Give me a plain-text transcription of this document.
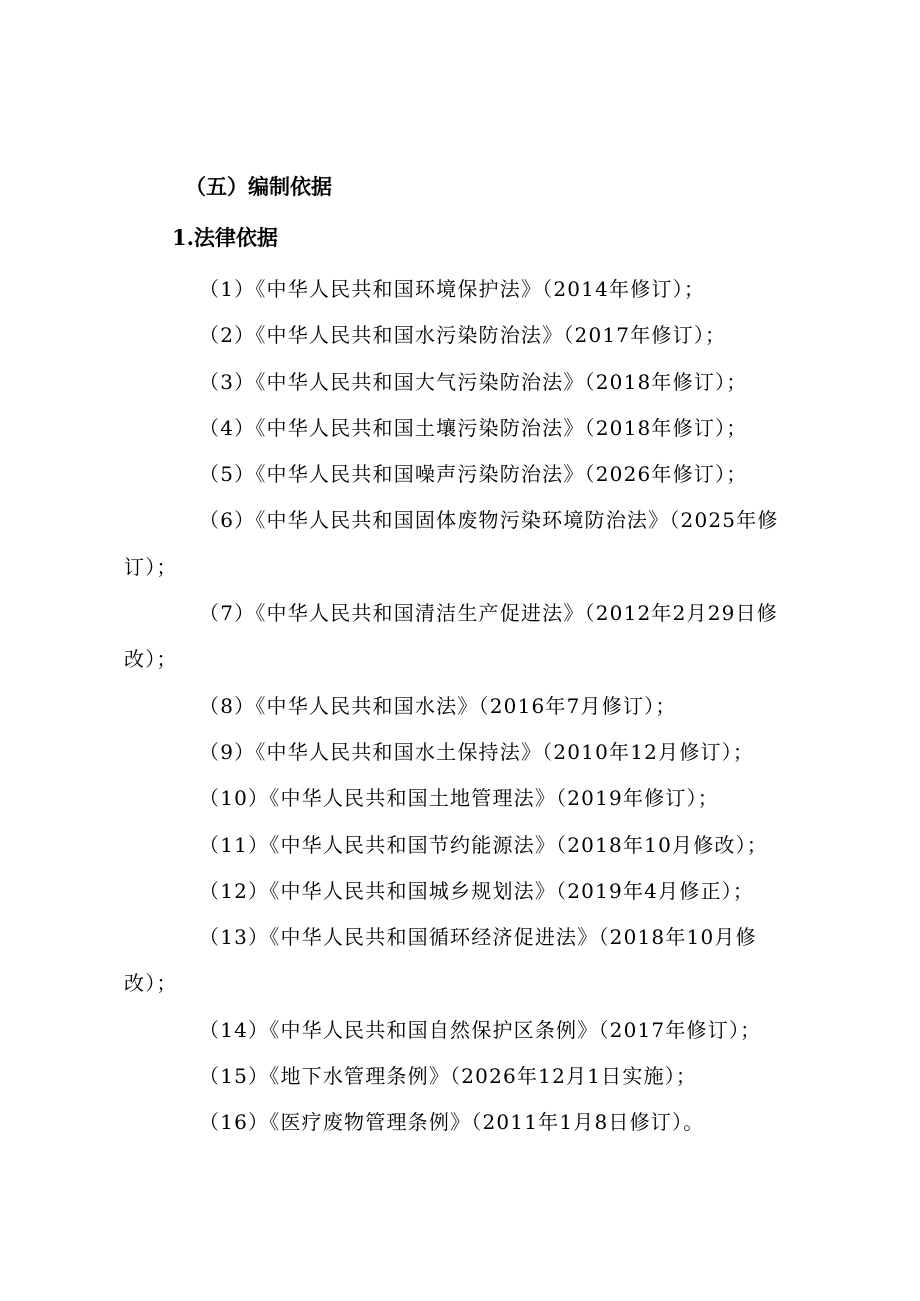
（五）编制依据
1.法律依据
（1）《中华人民共和国环境保护法》（2014年修订）；
（2）《中华人民共和国水污染防治法》（2017年修订）；
（3）《中华人民共和国大气污染防治法》（2018年修订）；
（4）《中华人民共和国土壤污染防治法》（2018年修订）；
（5）《中华人民共和国噪声污染防治法》（2026年修订）；
（6）《中华人民共和国固体废物污染环境防治法》（2025年修订）；
（7）《中华人民共和国清洁生产促进法》（2012年2月29日修改）；
（8）《中华人民共和国水法》（2016年7月修订）；
（9）《中华人民共和国水土保持法》（2010年12月修订）；
（10）《中华人民共和国土地管理法》（2019年修订）；
（11）《中华人民共和国节约能源法》（2018年10月修改）；
（12）《中华人民共和国城乡规划法》（2019年4月修正）；
（13）《中华人民共和国循环经济促进法》（2018年10月修改）；
（14）《中华人民共和国自然保护区条例》（2017年修订）；
（15）《地下水管理条例》（2026年12月1日实施）；
（16）《医疗废物管理条例》（2011年1月8日修订）。
